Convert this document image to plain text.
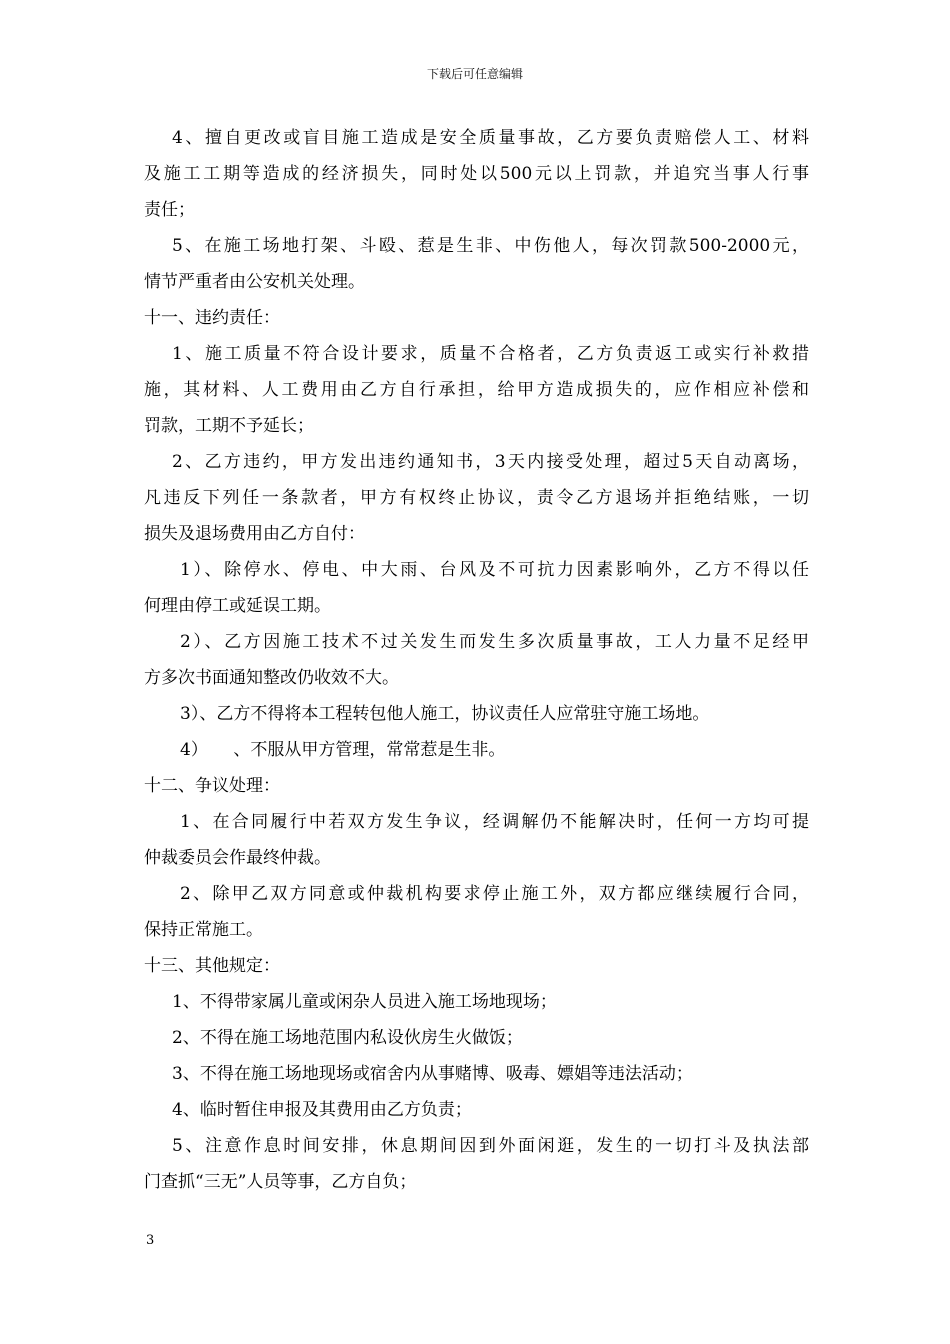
下载后可任意编辑
4、擅自更改或盲目施工造成是安全质量事故，乙方要负责赔偿人工、材料
及施工工期等造成的经济损失，同时处以500元以上罚款，并追究当事人行事
责任；
5、在施工场地打架、斗殴、惹是生非、中伤他人，每次罚款500-2000元，
情节严重者由公安机关处理。
十一、违约责任：
1、施工质量不符合设计要求，质量不合格者，乙方负责返工或实行补救措
施，其材料、人工费用由乙方自行承担，给甲方造成损失的，应作相应补偿和
罚款，工期不予延长；
2、乙方违约，甲方发出违约通知书，3天内接受处理，超过5天自动离场，
凡违反下列任一条款者，甲方有权终止协议，责令乙方退场并拒绝结账，一切
损失及退场费用由乙方自付：
1）、除停水、停电、中大雨、台风及不可抗力因素影响外，乙方不得以任
何理由停工或延误工期。
2）、乙方因施工技术不过关发生而发生多次质量事故，工人力量不足经甲
方多次书面通知整改仍收效不大。
3）、乙方不得将本工程转包他人施工，协议责任人应常驻守施工场地。
4）　　、不服从甲方管理，常常惹是生非。
十二、争议处理：
1、在合同履行中若双方发生争议，经调解仍不能解决时，任何一方均可提
仲裁委员会作最终仲裁。
2、除甲乙双方同意或仲裁机构要求停止施工外，双方都应继续履行合同，
保持正常施工。
十三、其他规定：
1、不得带家属儿童或闲杂人员进入施工场地现场；
2、不得在施工场地范围内私设伙房生火做饭；
3、不得在施工场地现场或宿舍内从事赌博、吸毒、嫖娼等违法活动；
4、临时暂住申报及其费用由乙方负责；
5、注意作息时间安排，休息期间因到外面闲逛，发生的一切打斗及执法部
门查抓“三无”人员等事，乙方自负；
3
